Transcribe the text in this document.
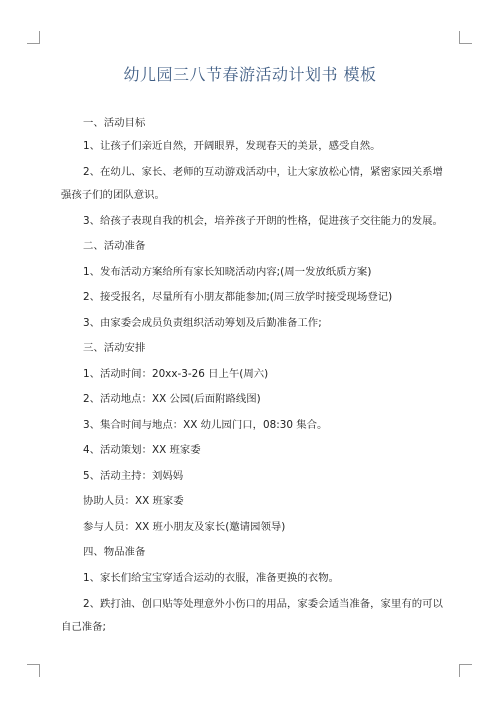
幼儿园三八节春游活动计划书 模板
一、活动目标
1、让孩子们亲近自然，开阔眼界，发现春天的美景，感受自然。
2、在幼儿、家长、老师的互动游戏活动中，让大家放松心情，紧密家园关系增
强孩子们的团队意识。
3、给孩子表现自我的机会，培养孩子开朗的性格，促进孩子交往能力的发展。
二、活动准备
1、发布活动方案给所有家长知晓活动内容;(周一发放纸质方案)
2、接受报名，尽量所有小朋友都能参加;(周三放学时接受现场登记)
3、由家委会成员负责组织活动筹划及后勤准备工作;
三、活动安排
1、活动时间：20xx-3-26 日上午(周六)
2、活动地点：XX 公园(后面附路线图)
3、集合时间与地点：XX 幼儿园门口，08:30 集合。
4、活动策划：XX 班家委
5、活动主持：刘妈妈
协助人员：XX 班家委
参与人员：XX 班小朋友及家长(邀请园领导)
四、物品准备
1、家长们给宝宝穿适合运动的衣服，准备更换的衣物。
2、跌打油、创口贴等处理意外小伤口的用品，家委会适当准备，家里有的可以
自己准备;
